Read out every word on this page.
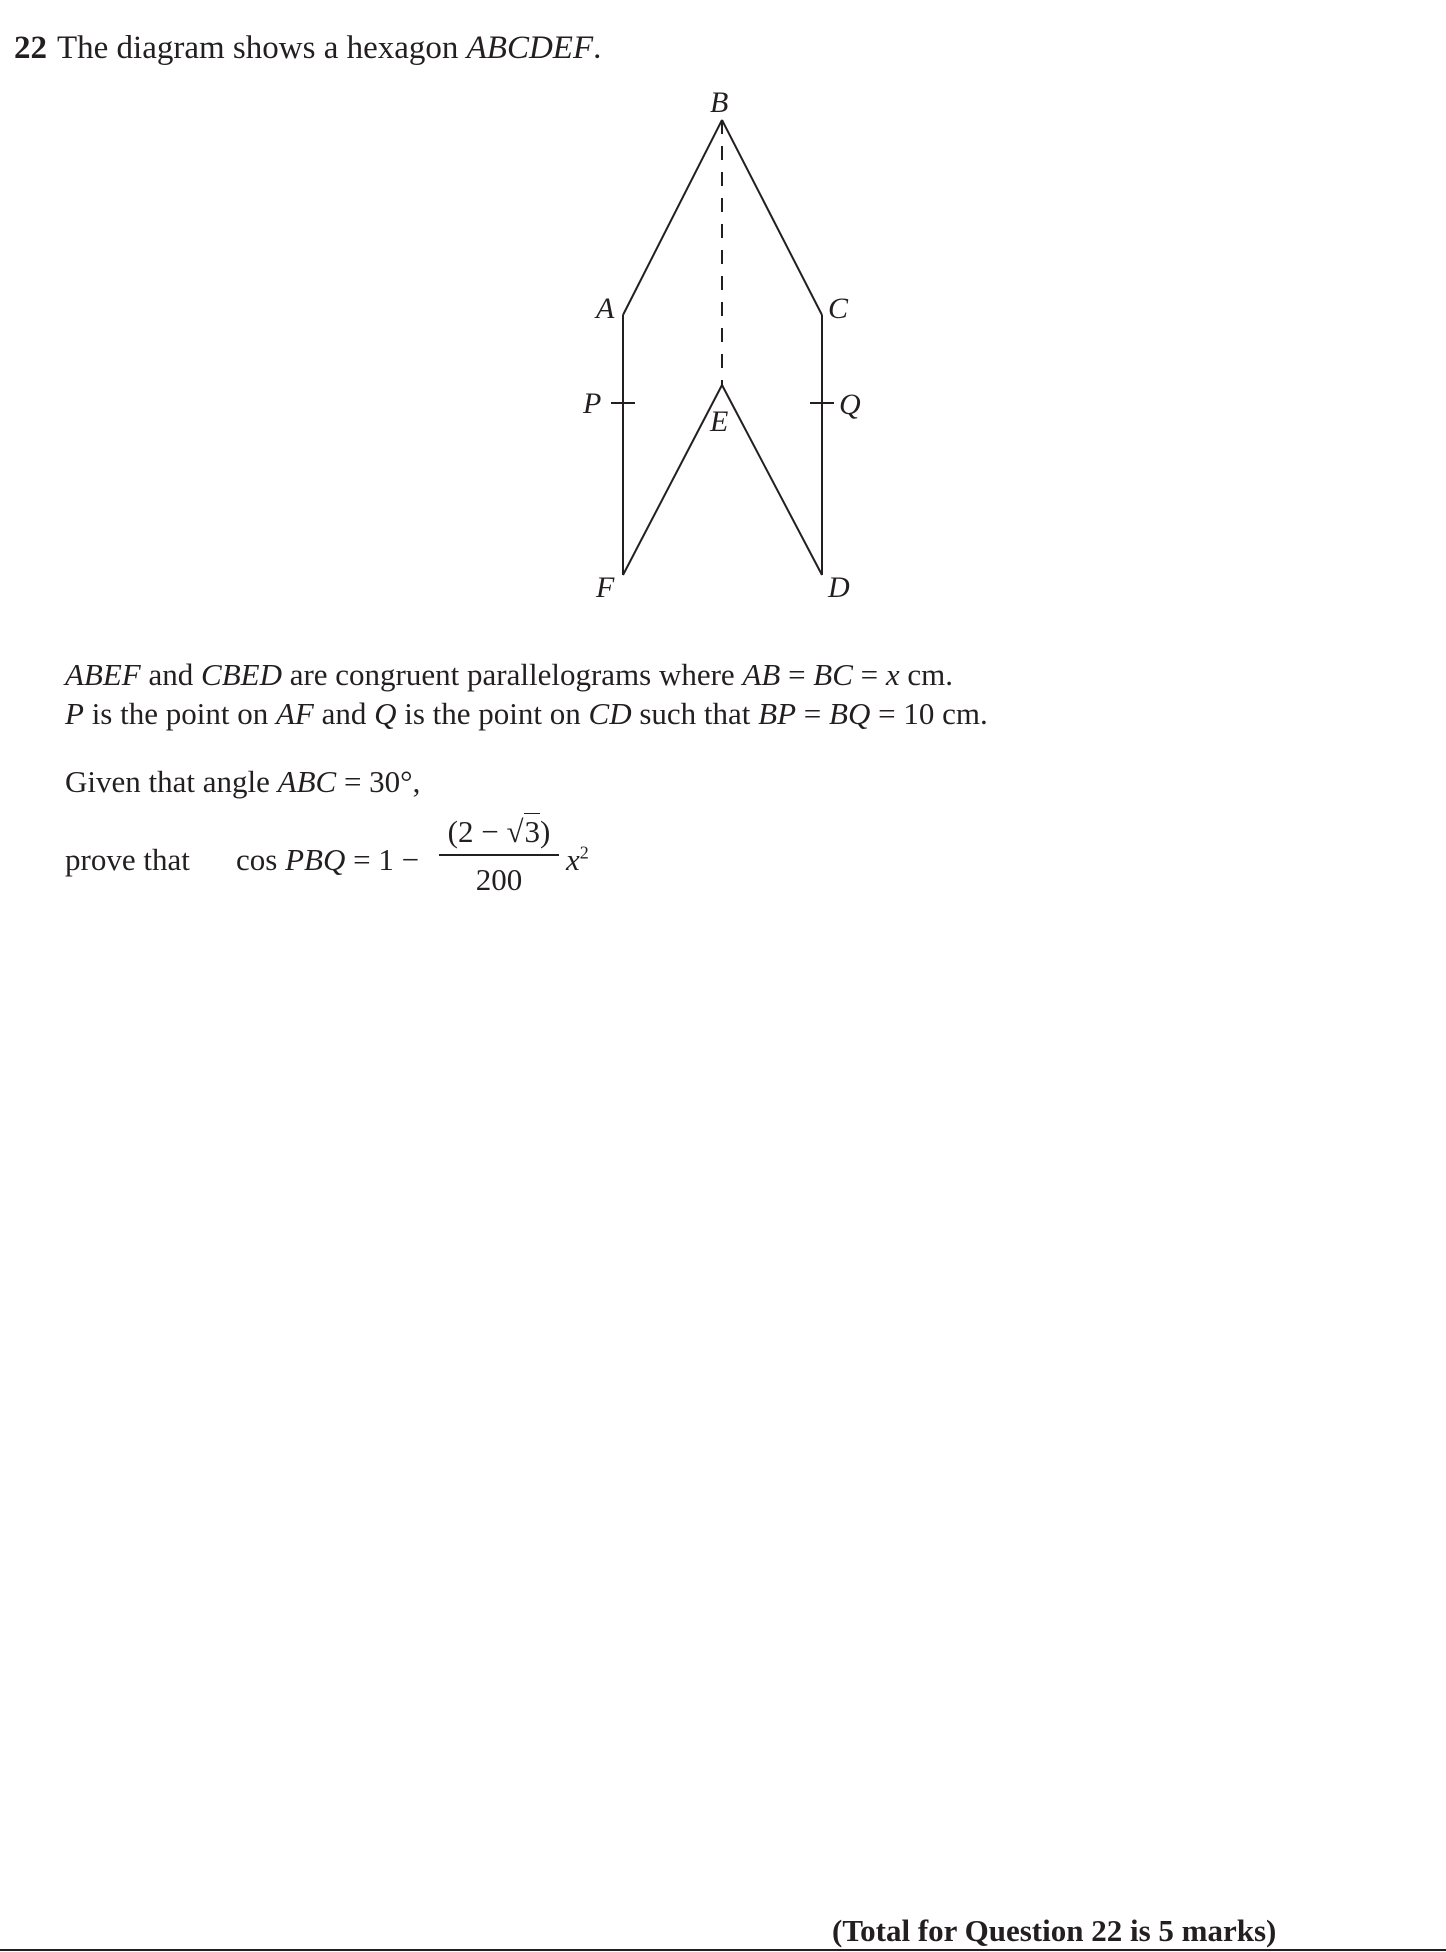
22 The diagram shows a hexagon ABCDEF.
B
A	C
P	Q
E
F	D
ABEF and CBED are congruent parallelograms where AB = BC = x cm.
P is the point on AF and Q is the point on CD such that BP = BQ = 10 cm.
Given that angle ABC = 30°,
prove that cos PBQ = 1 −
(2 − √3)
200
$x^2$
(Total for Question 22 is 5 marks)
